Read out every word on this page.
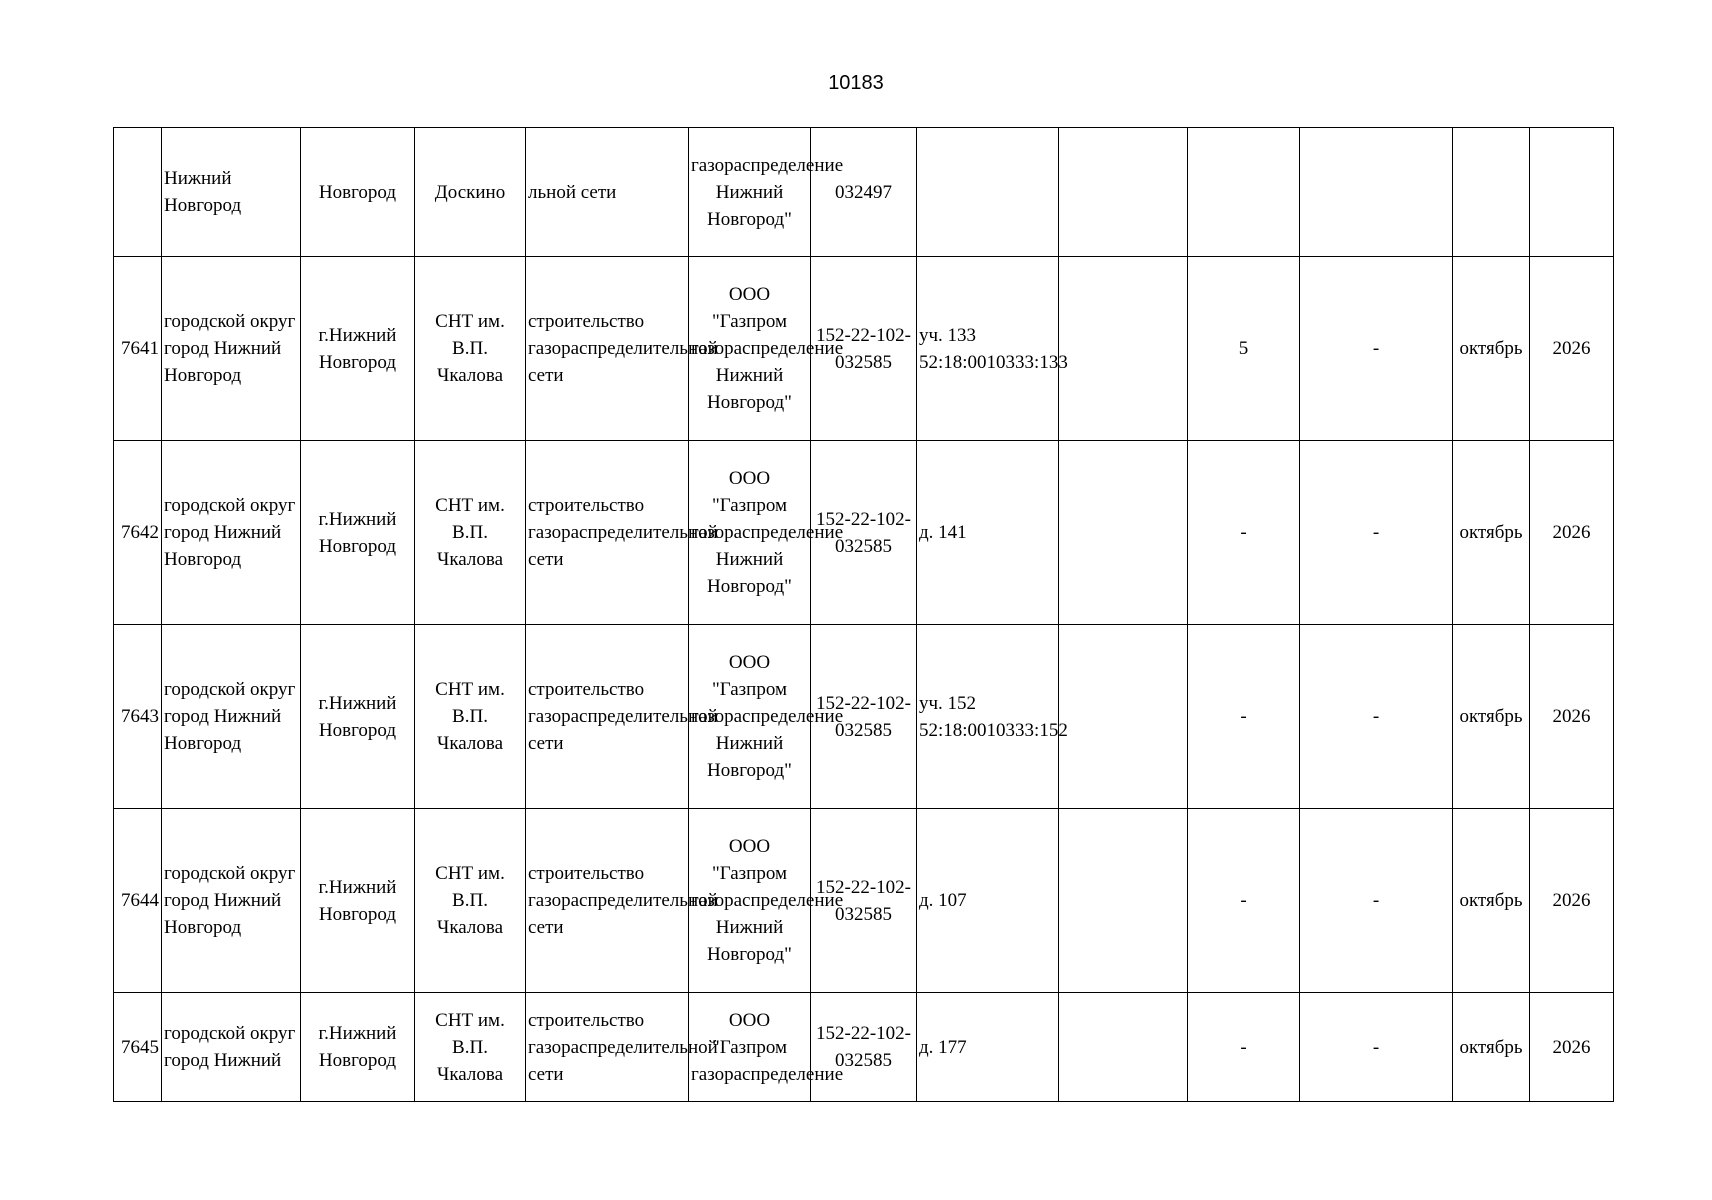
10183
	Нижний Новгород	Новгород	Доскино	льной сети	газораспределение Нижний Новгород"	032497						
7641	городской округ город Нижний Новгород	г.Нижний Новгород	СНТ им. В.П. Чкалова	строительство газораспределительной сети	ООО "Газпром газораспределение Нижний Новгород"	152-22-102-032585	уч. 133 52:18:0010333:133		5	-	октябрь	2026
7642	городской округ город Нижний Новгород	г.Нижний Новгород	СНТ им. В.П. Чкалова	строительство газораспределительной сети	ООО "Газпром газораспределение Нижний Новгород"	152-22-102-032585	д. 141		-	-	октябрь	2026
7643	городской округ город Нижний Новгород	г.Нижний Новгород	СНТ им. В.П. Чкалова	строительство газораспределительной сети	ООО "Газпром газораспределение Нижний Новгород"	152-22-102-032585	уч. 152 52:18:0010333:152		-	-	октябрь	2026
7644	городской округ город Нижний Новгород	г.Нижний Новгород	СНТ им. В.П. Чкалова	строительство газораспределительной сети	ООО "Газпром газораспределение Нижний Новгород"	152-22-102-032585	д. 107		-	-	октябрь	2026
7645	городской округ город Нижний	г.Нижний Новгород	СНТ им. В.П. Чкалова	строительство газораспределительной сети	ООО "Газпром газораспределение	152-22-102-032585	д. 177		-	-	октябрь	2026
